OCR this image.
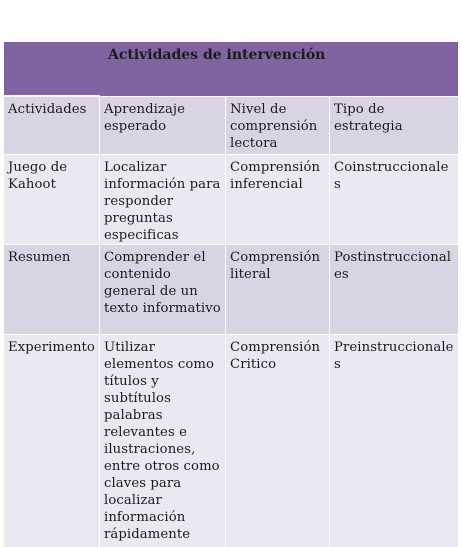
Actividades de intervención
Actividades	Aprendizaje esperado
Nivel de comprensión lectora
Tipo de estrategia
Juego de Kahoot
Localizar información para responder preguntas especificas
Comprensión inferencial
Coinstruccionales
Resumen	Comprender el contenido general de un texto informativo
Comprensión literal
Postinstruccionales
Experimento Utilizar elementos como títulos y subtítulos palabras relevantes e ilustraciones, entre otros como claves para localizar información rápidamente
Comprensión Critico
Preinstruccionales
